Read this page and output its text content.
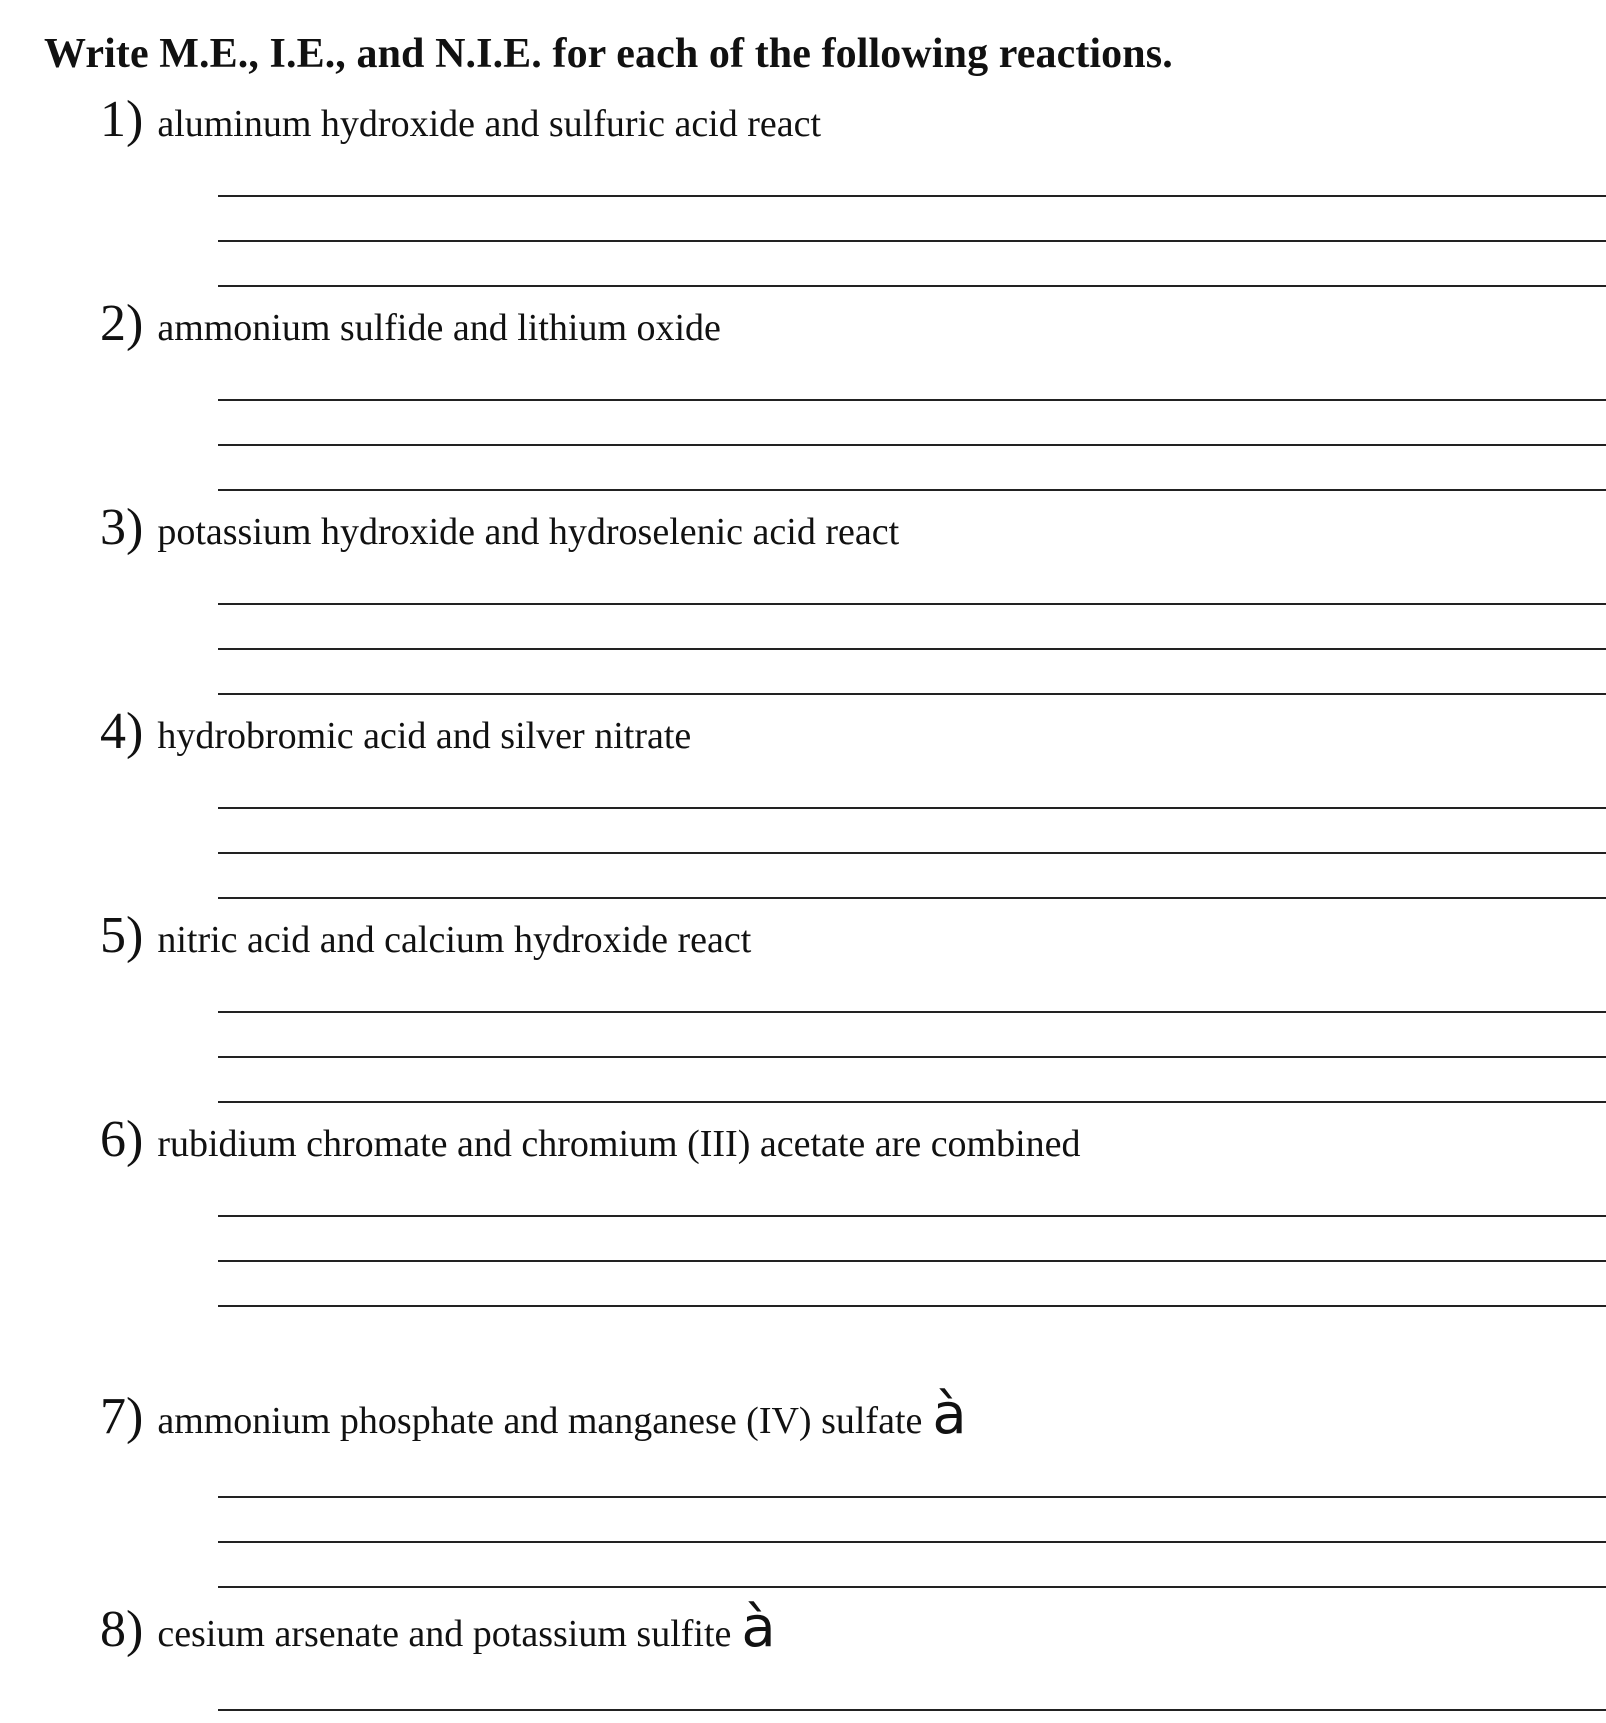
Write M.E., I.E., and N.I.E. for each of the following reactions.
1) aluminum hydroxide and sulfuric acid react
2) ammonium sulfide and lithium oxide
3) potassium hydroxide and hydroselenic acid react
4) hydrobromic acid and silver nitrate
5) nitric acid and calcium hydroxide react
6) rubidium chromate and chromium (III) acetate are combined
7) ammonium phosphate and manganese (IV) sulfate à
8) cesium arsenate and potassium sulfite à
